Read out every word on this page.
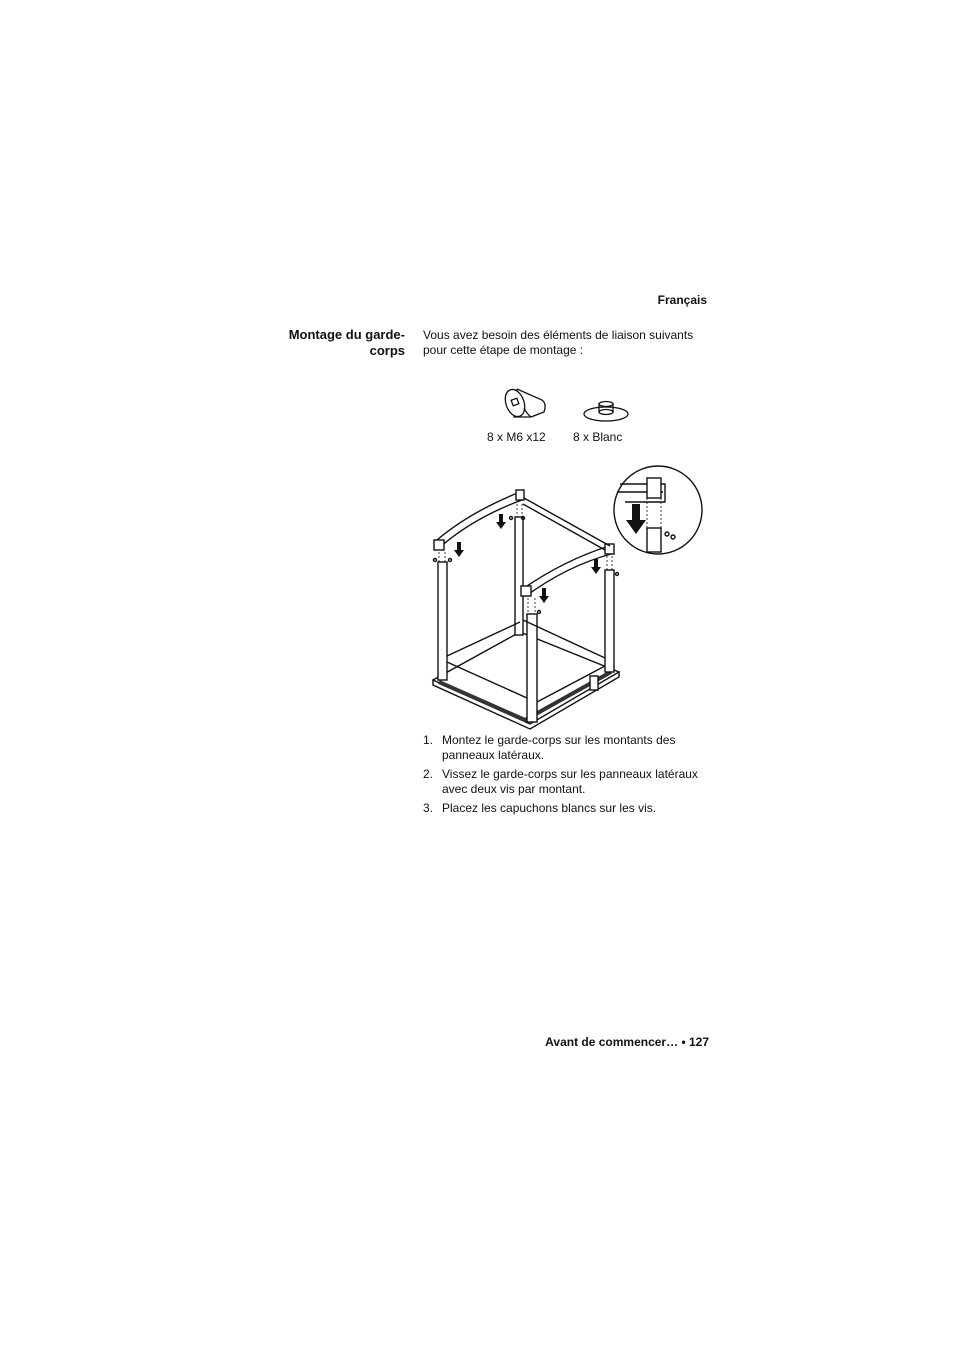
Français
Montage du garde-
corps
Vous avez besoin des éléments de liaison suivants
pour cette étape de montage :
8 x M6 x12 8 x Blanc
1. Montez le garde-corps sur les montants des
panneaux latéraux.
2. Vissez le garde-corps sur les panneaux latéraux
avec deux vis par montant.
3. Placez les capuchons blancs sur les vis.
Avant de commencer… • 127
